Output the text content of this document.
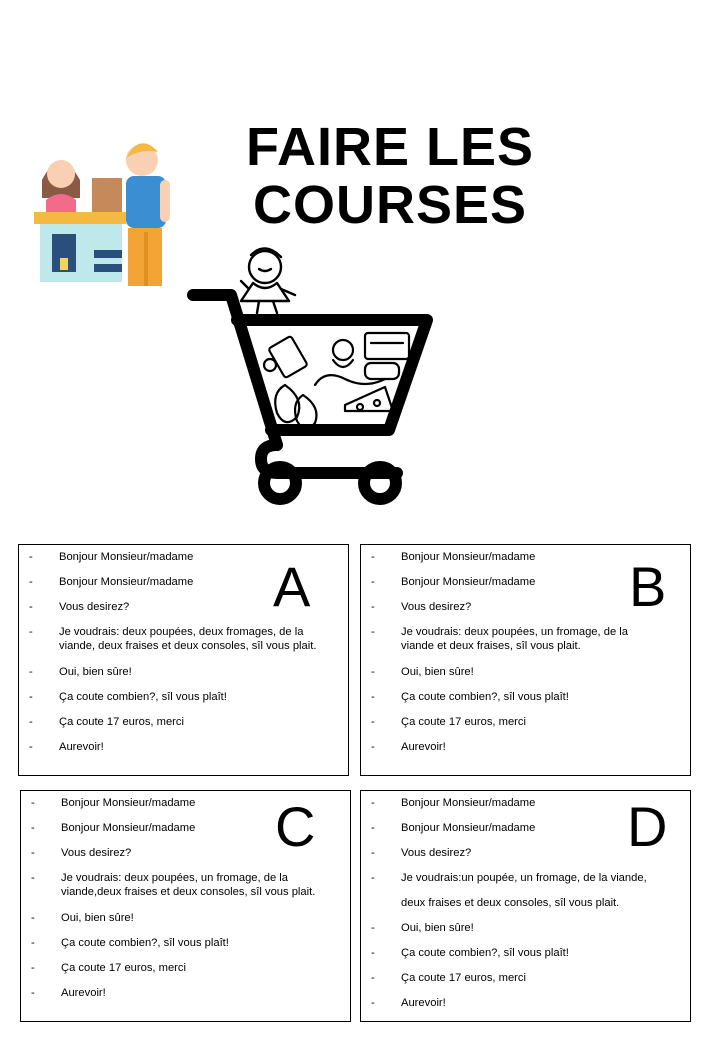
FAIRE LES
COURSES
A
- Bonjour Monsieur/madame
- Bonjour Monsieur/madame
- Vous desirez?
- Je voudrais: deux poupées, deux fromages, de la
viande, deux fraises et deux consoles, sîl vous plait.
- Oui, bien sûre!
- Ça coute combien?, sîl vous plaît!
- Ça coute 17 euros, merci
- Aurevoir!
B
- Bonjour Monsieur/madame
- Bonjour Monsieur/madame
- Vous desirez?
- Je voudrais: deux poupées, un fromage, de la
viande et deux fraises, sîl vous plait.
- Oui, bien sûre!
- Ça coute combien?, sîl vous plaît!
- Ça coute 17 euros, merci
- Aurevoir!
C
- Bonjour Monsieur/madame
- Bonjour Monsieur/madame
- Vous desirez?
- Je voudrais: deux poupées, un fromage, de la
viande,deux fraises et deux consoles, sîl vous plait.
- Oui, bien sûre!
- Ça coute combien?, sîl vous plaît!
- Ça coute 17 euros, merci
- Aurevoir!
D
- Bonjour Monsieur/madame
- Bonjour Monsieur/madame
- Vous desirez?
- Je voudrais:un poupée, un fromage, de la viande,
deux fraises et deux consoles, sîl vous plait.
- Oui, bien sûre!
- Ça coute combien?, sîl vous plaît!
- Ça coute 17 euros, merci
- Aurevoir!
